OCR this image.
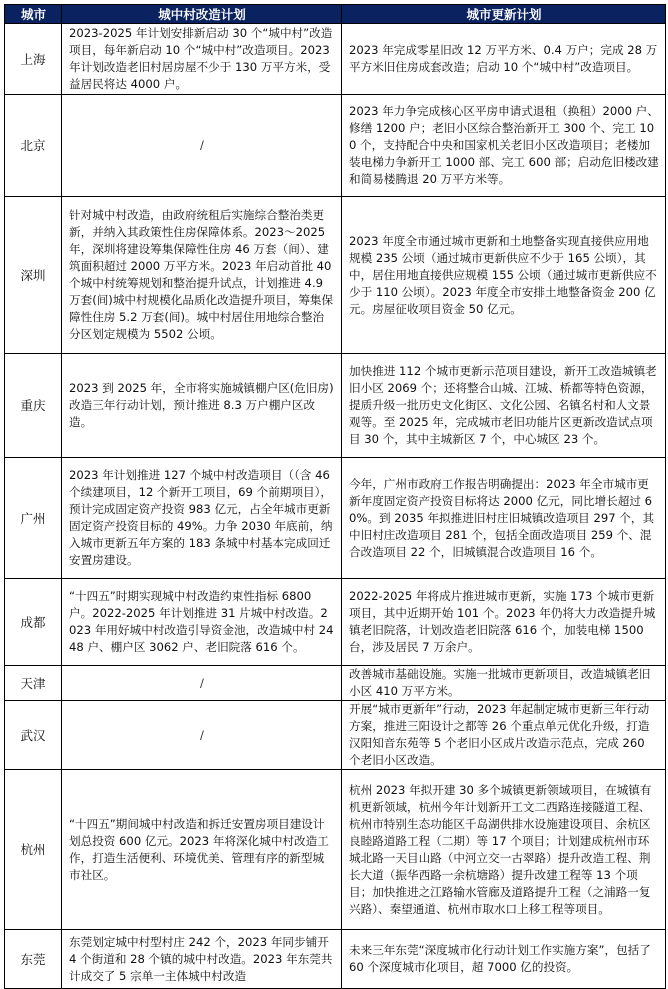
城市	城中村改造计划	城市更新计划
上海	2023-2025 年计划安排新启动 30 个“城中村”改造项目，每年新启动 10 个“城中村”改造项目。2023 年计划改造老旧村居房屋不少于 130 万平方米，受益居民将达 4000 户。	2023 年完成零星旧改 12 万平方米、0.4 万户；完成 28 万平方米旧住房成套改造；启动 10 个“城中村”改造项目。
北京	/	2023 年力争完成核心区平房申请式退租（换租）2000 户、修缮 1200 户；老旧小区综合整治新开工 300 个、完工 100 个，支持配合中央和国家机关老旧小区改造项目；老楼加装电梯力争新开工 1000 部、完工 600 部；启动危旧楼改建和简易楼腾退 20 万平方米等。
深圳	针对城中村改造，由政府统租后实施综合整治类更新，并纳入其政策性住房保障体系。2023～2025 年，深圳将建设筹集保障性住房 46 万套（间）、建筑面积超过 2000 万平方米。2023 年启动首批 40 个城中村统筹规划和整治提升试点，计划推进 4.9 万套(间)城中村规模化品质化改造提升项目，筹集保障性住房 5.2 万套(间)。城中村居住用地综合整治分区划定规模为 5502 公顷。	2023 年度全市通过城市更新和土地整备实现直接供应用地规模 235 公顷（通过城市更新供应不少于 165 公顷），其中，居住用地直接供应规模 155 公顷（通过城市更新供应不少于 110 公顷）。2023 年度全市安排土地整备资金 200 亿元。房屋征收项目资金 50 亿元。
重庆	2023 到 2025 年，全市将实施城镇棚户区(危旧房)改造三年行动计划，预计推进 8.3 万户棚户区改造。	加快推进 112 个城市更新示范项目建设，新开工改造城镇老旧小区 2069 个；还将整合山城、江城、桥都等特色资源，提质升级一批历史文化街区、文化公园、名镇名村和人文景观等。至 2025 年，完成城市老旧功能片区更新改造试点项目 30 个，其中主城新区 7 个，中心城区 23 个。
广州	2023 年计划推进 127 个城中村改造项目（（含 46 个续建项目，12 个新开工项目，69 个前期项目），预计完成固定资产投资 983 亿元，占全年城市更新固定资产投资目标的 49%。力争 2030 年底前，纳入城市更新五年方案的 183 条城中村基本完成回迁安置房建设。	今年，广州市政府工作报告明确提出：2023 年全市城市更新年度固定资产投资目标将达 2000 亿元，同比增长超过 60%。到 2035 年拟推进旧村庄旧城镇改造项目 297 个，其中旧村庄改造项目 281 个，包括全面改造项目 259 个、混合改造项目 22 个，旧城镇混合改造项目 16 个。
成都	“十四五”时期实现城中村改造约束性指标 6800 户。2022-2025 年计划推进 31 片城中村改造。2023 年用好城中村改造引导资金池，改造城中村 2448 户、棚户区 3062 户、老旧院落 616 个。	2022-2025 年将成片推进城市更新，实施 173 个城市更新项目，其中近期开始 101 个。2023 年仍将大力改造提升城镇老旧院落，计划改造老旧院落 616 个，加装电梯 1500 台，涉及居民 7 万余户。
天津	/	改善城市基础设施。实施一批城市更新项目，改造城镇老旧小区 410 万平方米。
武汉	/	开展“城市更新年”行动，2023 年起制定城市更新三年行动方案，推进三阳设计之都等 26 个重点单元优化升级，打造汉阳知音东苑等 5 个老旧小区成片改造示范点，完成 260 个老旧小区改造。
杭州	“十四五”期间城中村改造和拆迁安置房项目建设计划总投资 600 亿元。2023 年将深化城中村改造工作，打造生活便利、环境优美、管理有序的新型城市社区。	杭州 2023 年拟开建 30 多个城镇更新领域项目，在城镇有机更新领域，杭州今年计划新开工文二西路连接隧道工程、杭州市特别生态功能区千岛湖供排水设施建设项目、余杭区良睦路道路工程（二期）等 17 个项目；计划建成杭州市环城北路一天目山路（中河立交一古翠路）提升改造工程、荆长大道（振华西路一余杭塘路）提升改建工程等 13 个项目；加快推进之江路输水管廊及道路提升工程（之浦路一复兴路）、秦望通道、杭州市取水口上移工程等项目。
东莞	东莞划定城中村型村庄 242 个，2023 年同步铺开 4 个街道和 28 个镇的城中村改造。2023 年东莞共计成交了 5 宗单一主体城中村改造	未来三年东莞“深度城市化行动计划工作实施方案”，包括了 60 个深度城市化项目，超 7000 亿的投资。
